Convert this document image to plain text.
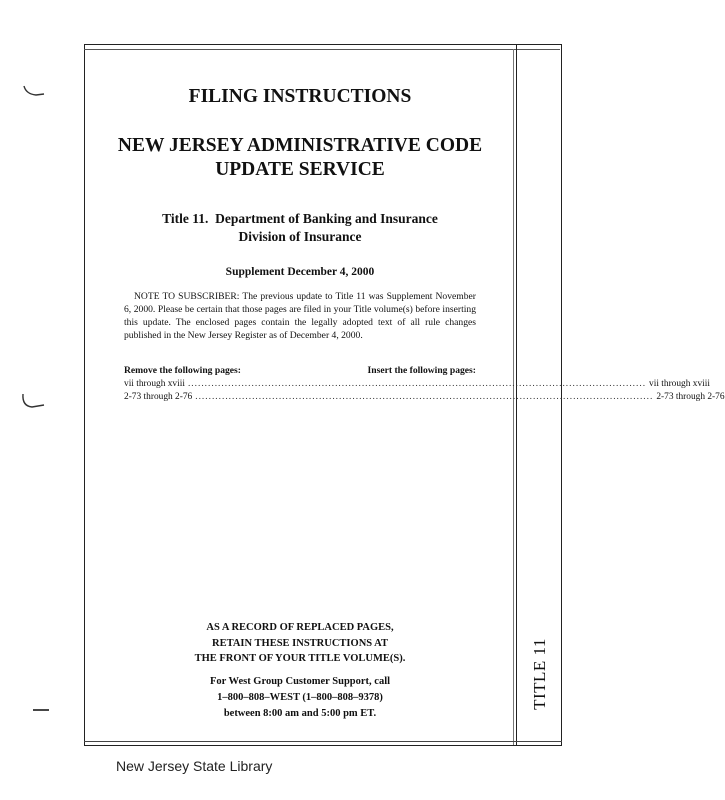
FILING INSTRUCTIONS
NEW JERSEY ADMINISTRATIVE CODE
UPDATE SERVICE
Title 11.  Department of Banking and Insurance
Division of Insurance
Supplement December 4, 2000
NOTE TO SUBSCRIBER: The previous update to Title 11 was Supplement November 6, 2000. Please be certain that those pages are filed in your Title volume(s) before inserting this update. The enclosed pages contain the legally adopted text of all rule changes published in the New Jersey Register as of December 4, 2000.
Remove the following pages:	Insert the following pages:
vii through xviii ......................................................................................................................................... vii through xviii
2-73 through 2-76 ......................................................................................................................................... 2-73 through 2-76
AS A RECORD OF REPLACED PAGES,
RETAIN THESE INSTRUCTIONS AT
THE FRONT OF YOUR TITLE VOLUME(S).
For West Group Customer Support, call
1–800–808–WEST (1–800–808–9378)
between 8:00 am and 5:00 pm ET.
TITLE 11
New Jersey State Library
